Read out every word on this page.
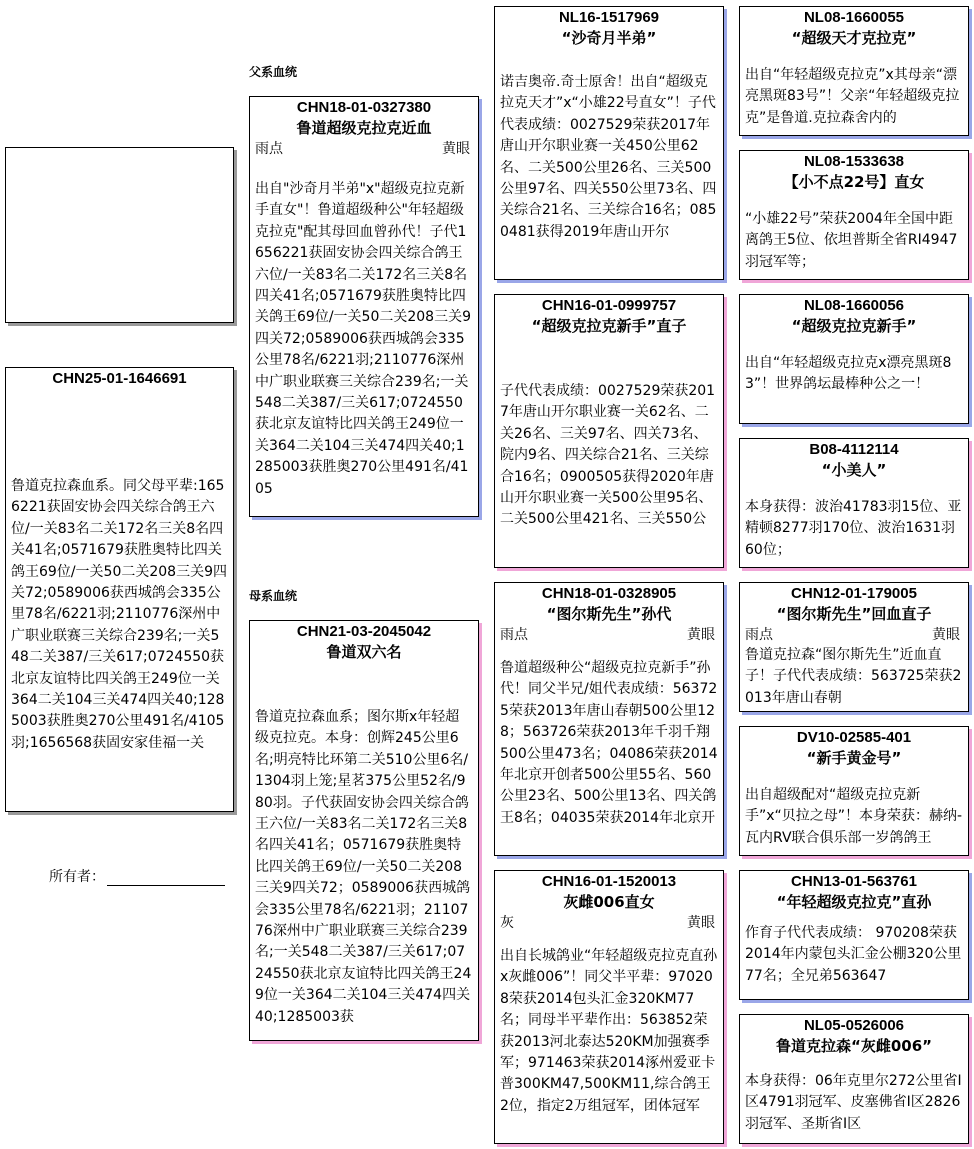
CHN25-01-1646691
鲁道克拉森血系。同父母平辈:1656221获固安协会四关综合鸽王六位/一关83名二关172名三关8名四关41名;0571679获胜奥特比四关鸽王69位/一关50二关208三关9四关72;0589006获西城鸽会335公里78名/6221羽;2110776深州中广职业联赛三关综合239名;一关548二关387/三关617;0724550获北京友谊特比四关鸽王249位一关364二关104三关474四关40;1285003获胜奥270公里491名/4105羽;1656568获固安家佳福一关
所有者：
父系血统
母系血统
CHN18-01-0327380
鲁道超级克拉克近血
雨点	黄眼
出自"沙奇月半弟"x"超级克拉克新手直女"！鲁道超级种公"年轻超级克拉克"配其母回血曾孙代！子代1656221获固安协会四关综合鸽王六位/一关83名二关172名三关8名四关41名;0571679获胜奥特比四关鸽王69位/一关50二关208三关9四关72;0589006获西城鸽会335公里78名/6221羽;2110776深州中广职业联赛三关综合239名;一关548二关387/三关617;0724550获北京友谊特比四关鸽王249位一关364二关104三关474四关40;1285003获胜奥270公里491名/4105
CHN21-03-2045042
鲁道双六名
鲁道克拉森血系；图尔斯x年轻超级克拉克。本身：创辉245公里6名;明亮特比环第二关510公里6名/1304羽上笼;星茗375公里52名/980羽。子代获固安协会四关综合鸽王六位/一关83名二关172名三关8名四关41名；0571679获胜奥特比四关鸽王69位/一关50二关208三关9四关72；0589006获西城鸽会335公里78名/6221羽；2110776深州中广职业联赛三关综合239名;一关548二关387/三关617;0724550获北京友谊特比四关鸽王249位一关364二关104三关474四关40;1285003获
NL16-1517969
“沙奇月半弟”
诺吉奥帝.奇士原舍！出自“超级克拉克天才”x“小雄22号直女”！子代代表成绩：0027529荣获2017年唐山开尔职业赛一关450公里62名、二关500公里26名、三关500公里97名、四关550公里73名、四关综合21名、三关综合16名；0850481获得2019年唐山开尔
CHN16-01-0999757
“超级克拉克新手”直子
子代代表成绩：0027529荣获2017年唐山开尔职业赛一关62名、二关26名、三关97名、四关73名、院内9名、四关综合21名、三关综合16名；0900505获得2020年唐山开尔职业赛一关500公里95名、二关500公里421名、三关550公
CHN18-01-0328905
“图尔斯先生”孙代
雨点	黄眼
鲁道超级种公“超级克拉克新手”孙代！同父半兄/姐代表成绩：563725荣获2013年唐山春朝500公里128；563726荣获2013年千羽千翔500公里473名；04086荣获2014年北京开创者500公里55名、560公里23名、500公里13名、四关鸽王8名；04035荣获2014年北京开
CHN16-01-1520013
灰雌006直女
灰	黄眼
出自长城鸽业“年轻超级克拉克直孙x灰雌006”！同父半平辈：970208荣获2014包头汇金320KM77名；同母半平辈作出：563852荣获2013河北泰达520KM加强赛季军；971463荣获2014涿州爱亚卡普300KM47,500KM11,综合鸽王2位，指定2万组冠军，团体冠军
NL08-1660055
“超级天才克拉克”
出自“年轻超级克拉克”x其母亲“漂亮黑斑83号”！父亲“年轻超级克拉克”是鲁道.克拉森舍内的
NL08-1533638
【小不点22号】直女
“小雄22号”荣获2004年全国中距离鸽王5位、依坦普斯全省RI4947羽冠军等；
NL08-1660056
“超级克拉克新手”
出自“年轻超级克拉克x漂亮黑斑83”！世界鸽坛最棒种公之一！
B08-4112114
“小美人”
本身获得：波治41783羽15位、亚精顿8277羽170位、波治1631羽60位；
CHN12-01-179005
“图尔斯先生”回血直子
雨点	黄眼
鲁道克拉森“图尔斯先生”近血直子！子代代表成绩：563725荣获2013年唐山春朝
DV10-02585-401
“新手黄金号”
出自超级配对“超级克拉克新手”x“贝拉之母”！本身荣获：赫纳-瓦内RV联合俱乐部一岁鸽鸽王
CHN13-01-563761
“年轻超级克拉克”直孙
作育子代代表成绩： 970208荣获2014年内蒙包头汇金公棚320公里77名；全兄弟563647
NL05-0526006
鲁道克拉森“灰雌006”
本身获得：06年克里尔272公里省I区4791羽冠军、皮塞佛省I区2826羽冠军、圣斯省I区
